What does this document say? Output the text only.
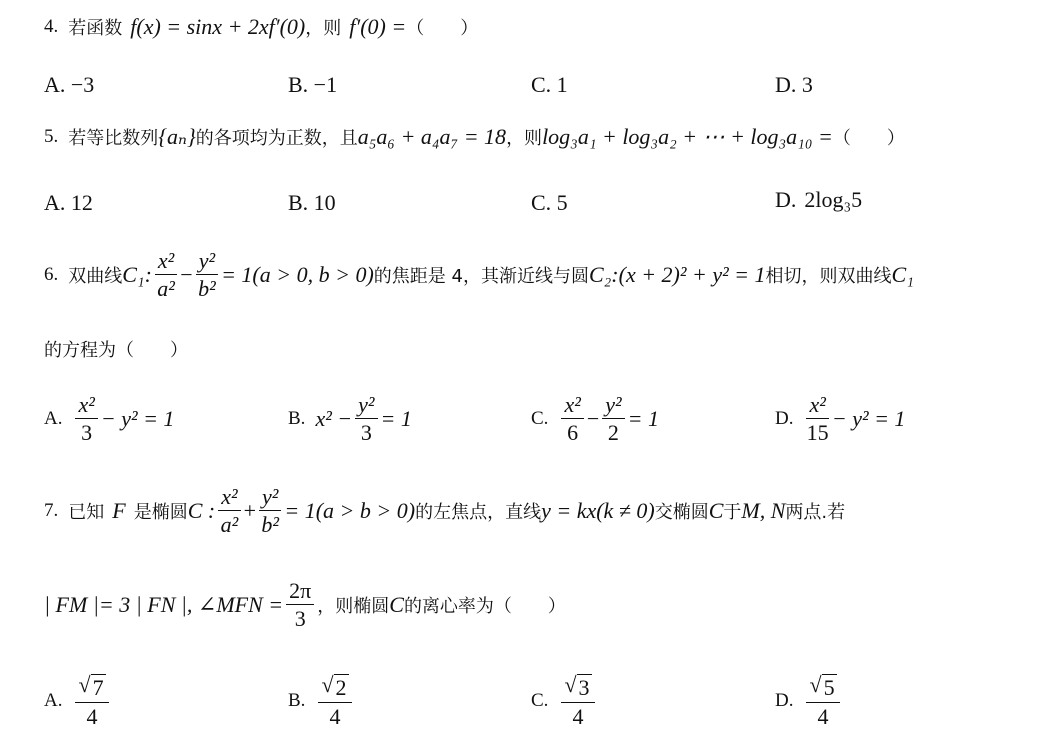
4. 若函数 f(x) = sinx + 2xf′(0) ，则 f′(0) = （　　）
A. −3	B. −1	C. 1	D. 3
5. 若等比数列 {aₙ} 的各项均为正数，且 a₅a₆ + a₄a₇ = 18 ，则 log₃a₁ + log₃a₂ + ⋯ + log₃a₁₀ = （　　）
A. 12	B. 10	C. 5	D. 2log₃5
6. 双曲线 C₁: $\frac{\text{x²}}{\text{a²}} - \frac{\text{y²}}{\text{b²}} = 1(a > 0$, b > 0) 的焦距是 4，其渐近线与圆 C₂:(x + 2)² + y² = 1 相切，则双曲线 C₁
的方程为（　　）
A. $\frac{\text{x²}}{3} - y^2 = 1$	B. $x^2 - \frac{\text{y²}}{3} = 1$	C. $\frac{\text{x²}}{6} - \frac{\text{y²}}{2} = 1$	D. $\frac{\text{x²}}{15} - y^2 = 1$
7. 已知 F 是椭圆 C : $\frac{\text{x²}}{\text{a²}} + \frac{\text{y²}}{\text{b²}} = 1(a > b > 0)$ 的左焦点，直线 y = kx(k ≠ 0) 交椭圆 C 于 M, N 两点.若
| FM |= 3 | FN |, ∠MFN = $\frac{2\pi}{3}$ ，则椭圆 C 的离心率为（　　）
A. $\frac{√ 7}{4}$	B. $\frac{√ 2}{4}$	C. $\frac{√ 3}{4}$	D. $\frac{√ 5}{4}$
